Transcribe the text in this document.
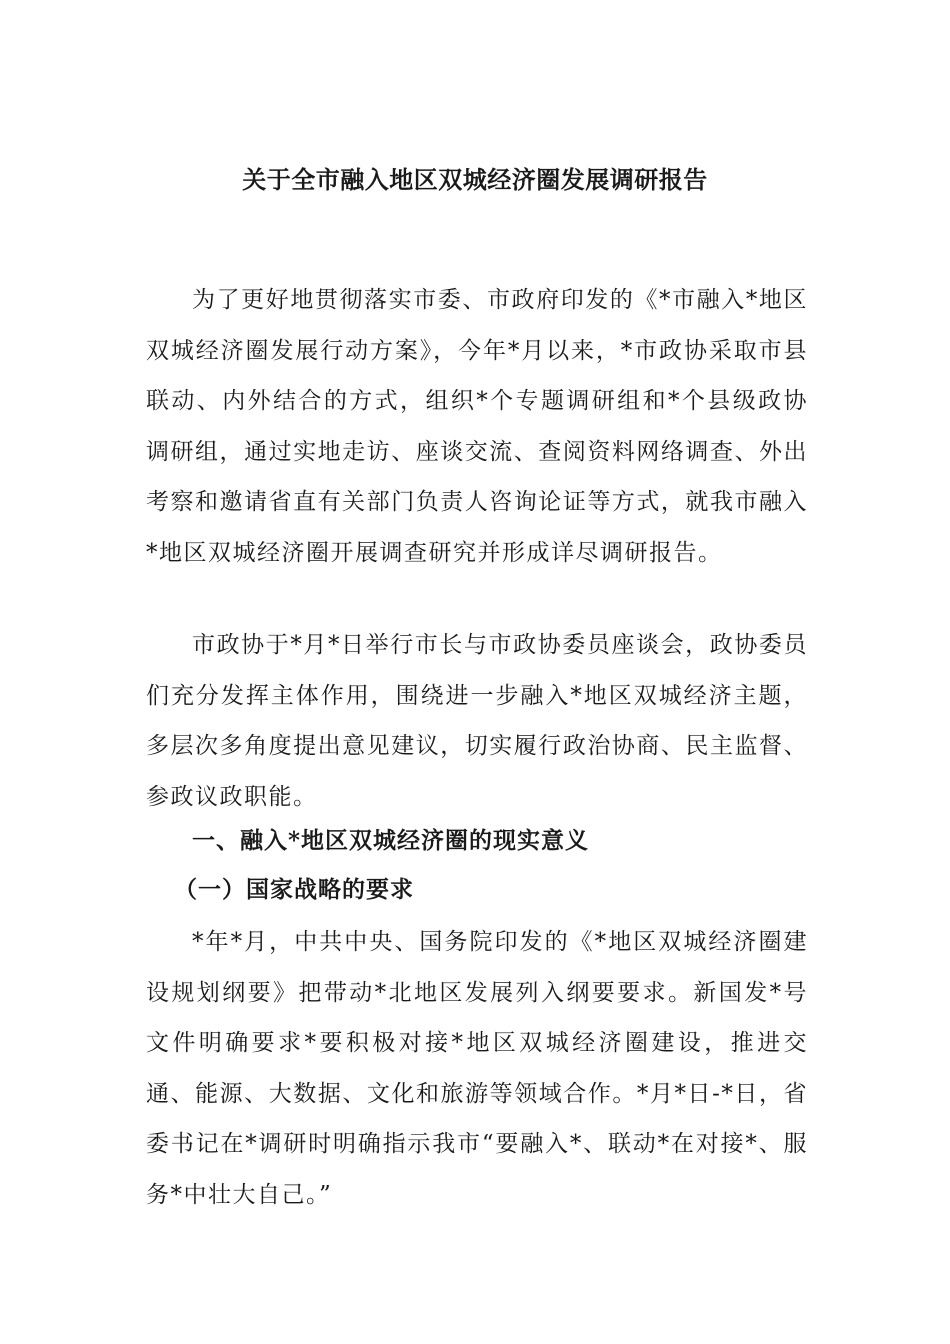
关于全市融入地区双城经济圈发展调研报告

为了更好地贯彻落实市委、市政府印发的《*市融入*地区双城经济圈发展行动方案》，今年*月以来，*市政协采取市县联动、内外结合的方式，组织*个专题调研组和*个县级政协调研组，通过实地走访、座谈交流、查阅资料网络调查、外出考察和邀请省直有关部门负责人咨询论证等方式，就我市融入*地区双城经济圈开展调查研究并形成详尽调研报告。

市政协于*月*日举行市长与市政协委员座谈会，政协委员们充分发挥主体作用，围绕进一步融入*地区双城经济主题，多层次多角度提出意见建议，切实履行政治协商、民主监督、参政议政职能。

一、融入*地区双城经济圈的现实意义
（一）国家战略的要求

*年*月，中共中央、国务院印发的《*地区双城经济圈建设规划纲要》把带动*北地区发展列入纲要要求。新国发*号文件明确要求*要积极对接*地区双城经济圈建设，推进交通、能源、大数据、文化和旅游等领域合作。*月*日-*日，省委书记在*调研时明确指示我市“要融入*、联动*在对接*、服务*中壮大自己。”
